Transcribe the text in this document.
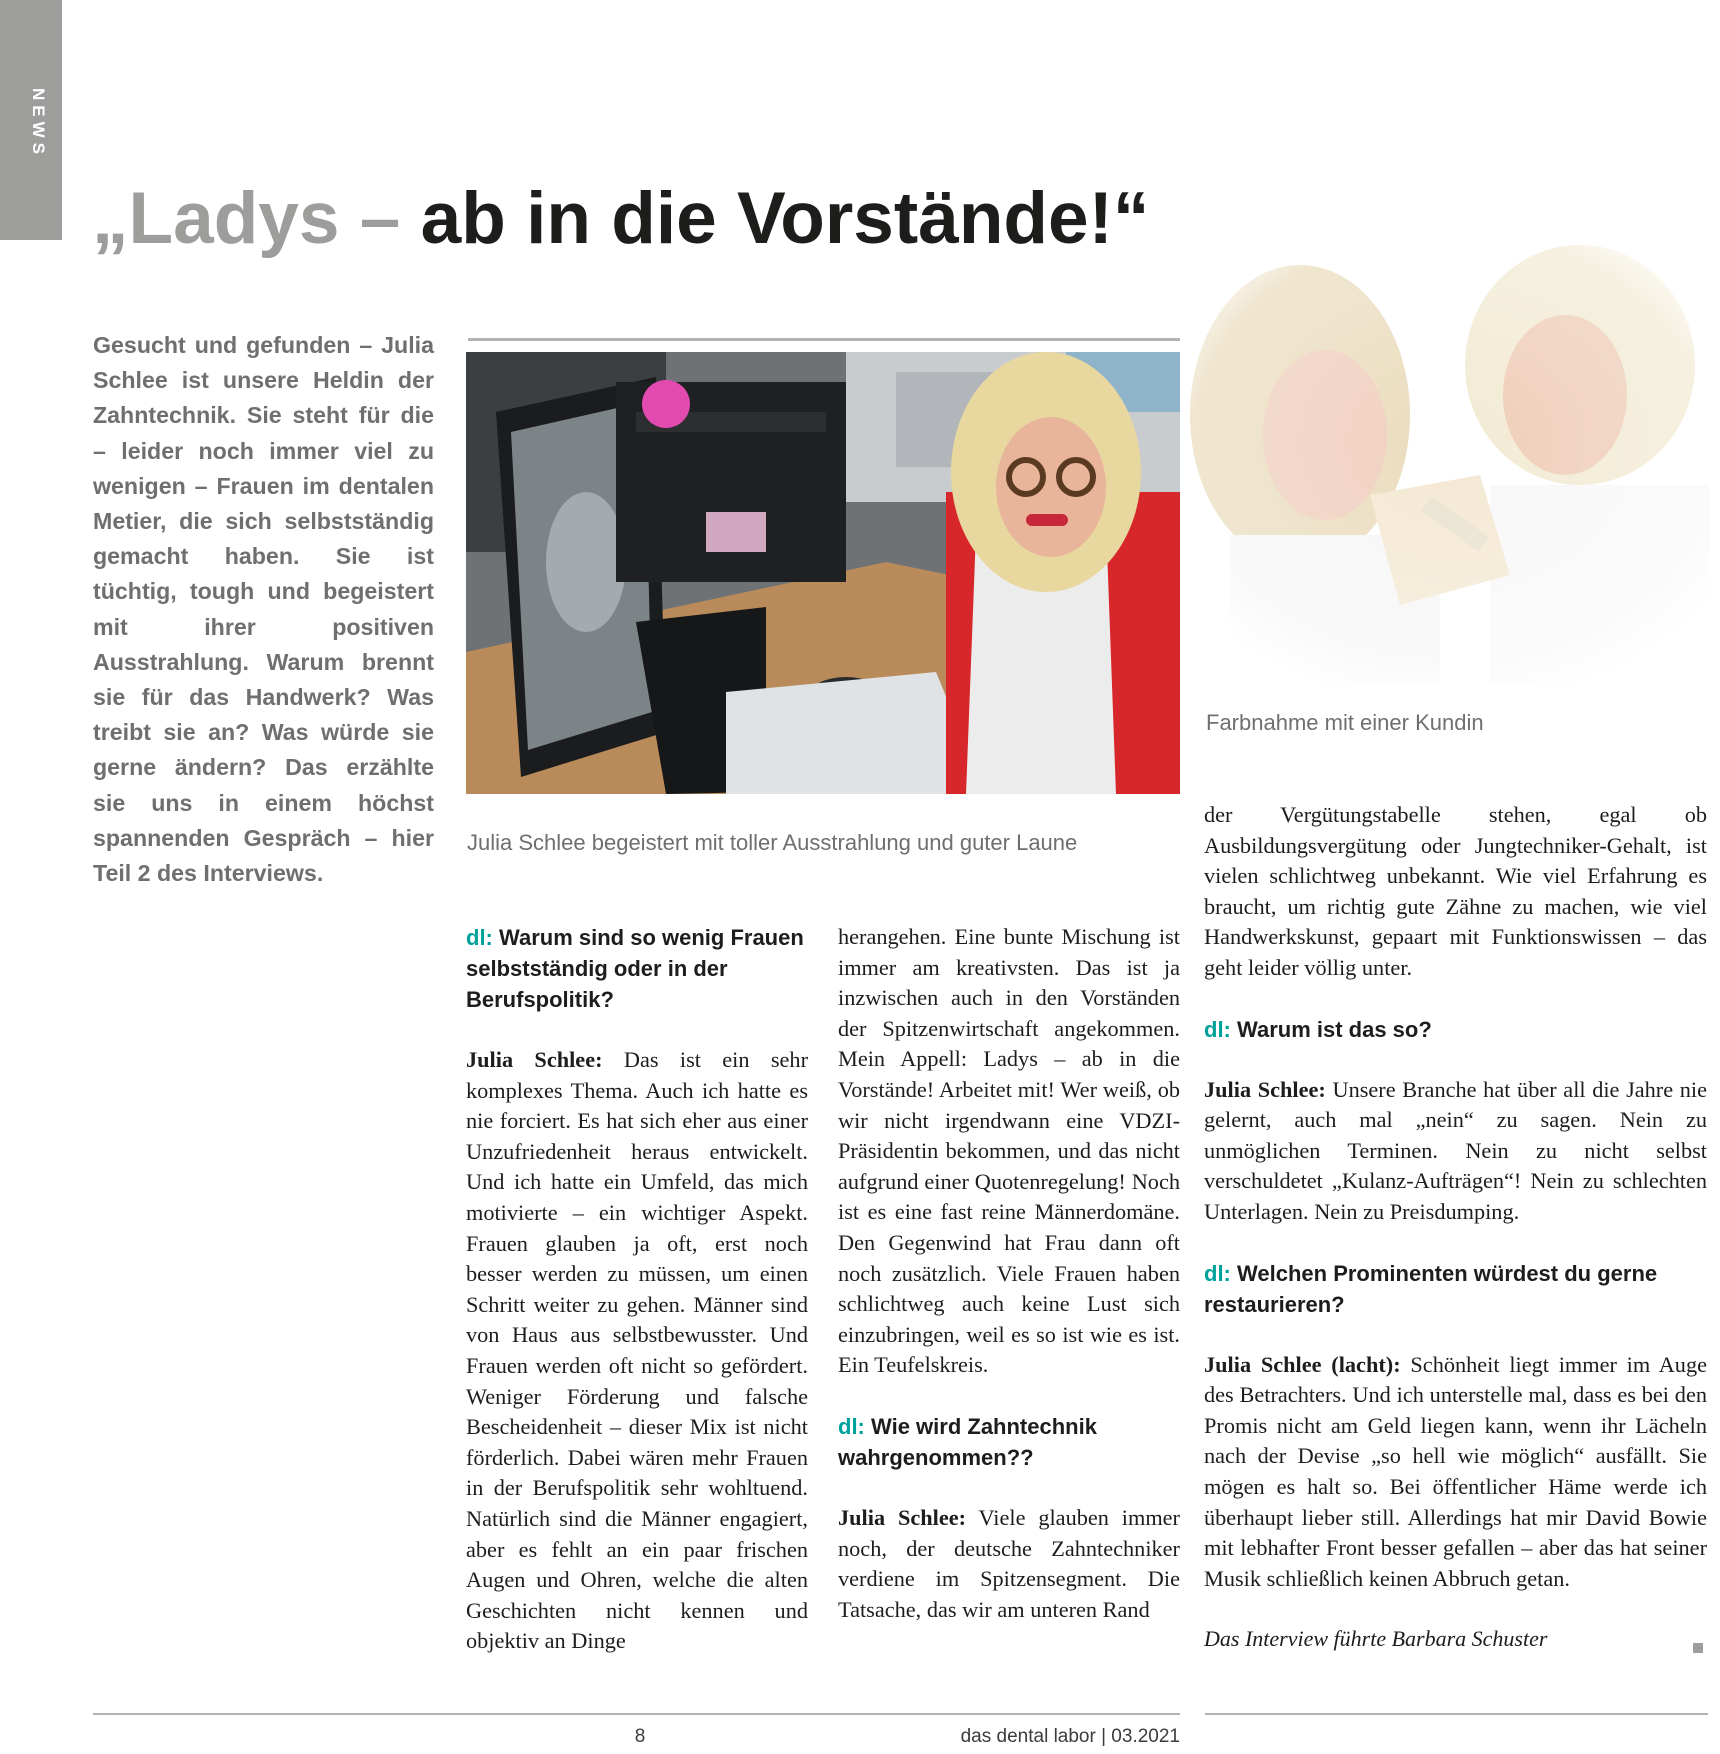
NEWS
„Ladys – ab in die Vorstände!“
Gesucht und gefunden – Julia Schlee ist unsere Heldin der Zahntechnik. Sie steht für die – leider noch immer viel zu wenigen – Frauen im dentalen Metier, die sich selbstständig gemacht haben. Sie ist tüchtig, tough und begeistert mit ihrer positiven Ausstrahlung. Warum brennt sie für das Handwerk? Was treibt sie an? Was würde sie gerne ändern? Das erzählte sie uns in einem höchst spannenden Gespräch – hier Teil 2 des Interviews.
Julia Schlee begeistert mit toller Ausstrahlung und guter Laune
Farbnahme mit einer Kundin

dl: Warum sind so wenig Frauen selbstständig oder in der Berufspolitik?

Julia Schlee: Das ist ein sehr komplexes Thema. Auch ich hatte es nie forciert. Es hat sich eher aus einer Unzufriedenheit heraus entwickelt. Und ich hatte ein Umfeld, das mich motivierte – ein wichtiger Aspekt. Frauen glauben ja oft, erst noch besser werden zu müssen, um einen Schritt weiter zu gehen. Männer sind von Haus aus selbstbewusster. Und Frauen werden oft nicht so gefördert. Weniger Förderung und falsche Bescheidenheit – dieser Mix ist nicht förderlich. Dabei wären mehr Frauen in der Berufspolitik sehr wohltuend. Natürlich sind die Männer engagiert, aber es fehlt an ein paar frischen Augen und Ohren, welche die alten Geschichten nicht kennen und objektiv an Dinge

herangehen. Eine bunte Mischung ist immer am kreativsten. Das ist ja inzwischen auch in den Vorständen der Spitzenwirtschaft angekommen. Mein Appell: Ladys – ab in die Vorstände! Arbeitet mit! Wer weiß, ob wir nicht irgendwann eine VDZI-Präsidentin bekommen, und das nicht aufgrund einer Quotenregelung! Noch ist es eine fast reine Männerdomäne. Den Gegenwind hat Frau dann oft noch zusätzlich. Viele Frauen haben schlichtweg auch keine Lust sich einzubringen, weil es so ist wie es ist. Ein Teufelskreis.

dl: Wie wird Zahntechnik wahrgenommen??

Julia Schlee: Viele glauben immer noch, der deutsche Zahntechniker verdiene im Spitzensegment. Die Tatsache, das wir am unteren Rand

der Vergütungstabelle stehen, egal ob Ausbildungsvergütung oder Jungtechniker-Gehalt, ist vielen schlichtweg unbekannt. Wie viel Erfahrung es braucht, um richtig gute Zähne zu machen, wie viel Handwerkskunst, gepaart mit Funktionswissen – das geht leider völlig unter.

dl: Warum ist das so?

Julia Schlee: Unsere Branche hat über all die Jahre nie gelernt, auch mal „nein“ zu sagen. Nein zu unmöglichen Terminen. Nein zu nicht selbst verschuldetet „Kulanz-Aufträgen“! Nein zu schlechten Unterlagen. Nein zu Preisdumping.

dl: Welchen Prominenten würdest du gerne restaurieren?

Julia Schlee (lacht): Schönheit liegt immer im Auge des Betrachters. Und ich unterstelle mal, dass es bei den Promis nicht am Geld liegen kann, wenn ihr Lächeln nach der Devise „so hell wie möglich“ ausfällt. Sie mögen es halt so. Bei öffentlicher Häme werde ich überhaupt lieber still. Allerdings hat mir David Bowie mit lebhafter Front besser gefallen – aber das hat seiner Musik schließlich keinen Abbruch getan.

Das Interview führte Barbara Schuster

8	das dental labor | 03.2021
